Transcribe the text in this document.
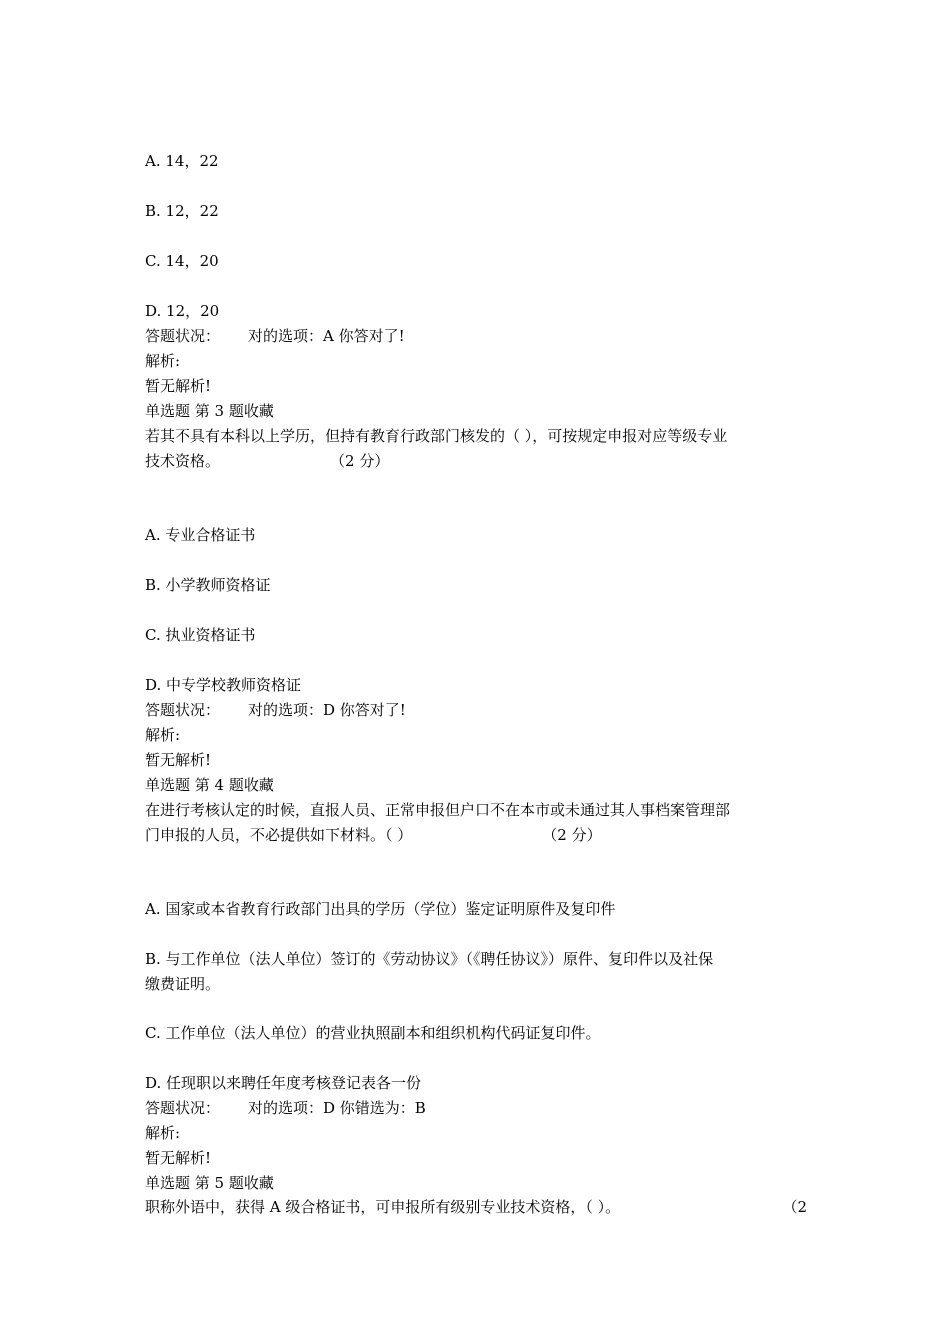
A. 14，22

B. 12，22

C. 14，20

D. 12，20

答题状况： 对的选项：A 你答对了!

解析:

暂无解析!

单选题 第 3 题收藏

若其不具有本科以上学历，但持有教育行政部门核发的（ ），可按规定申报对应等级专业

技术资格。	（2 分）

A. 专业合格证书

B. 小学教师资格证

C. 执业资格证书

D. 中专学校教师资格证

答题状况： 对的选项：D 你答对了!

解析:

暂无解析!

单选题 第 4 题收藏

在进行考核认定的时候，直报人员、正常申报但户口不在本市或未通过其人事档案管理部

门申报的人员，不必提供如下材料。（ ）	（2 分）

A. 国家或本省教育行政部门出具的学历（学位）鉴定证明原件及复印件

B. 与工作单位（法人单位）签订的《劳动协议》（《聘任协议》）原件、复印件以及社保

缴费证明。

C. 工作单位（法人单位）的营业执照副本和组织机构代码证复印件。

D. 任现职以来聘任年度考核登记表各一份

答题状况： 对的选项：D 你错选为：B

解析:

暂无解析!

单选题 第 5 题收藏

职称外语中，获得 A 级合格证书，可申报所有级别专业技术资格，（ ）。	（2
